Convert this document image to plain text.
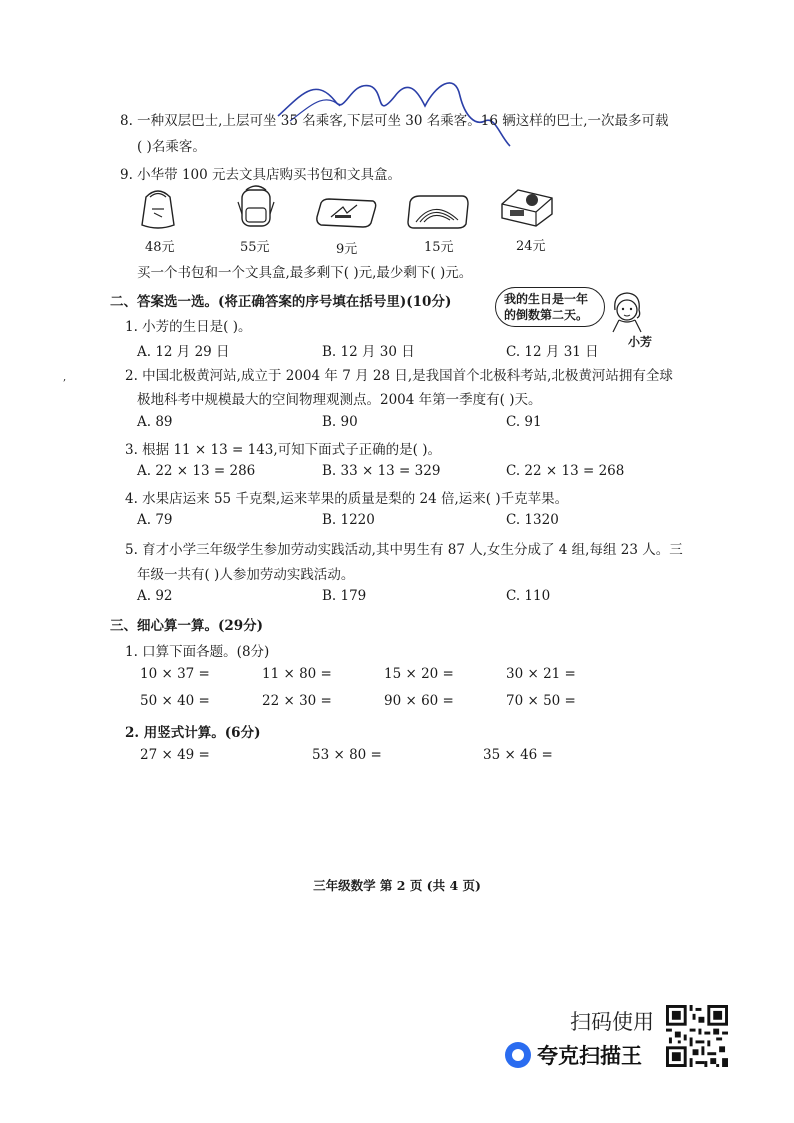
8. 一种双层巴士,上层可坐 35 名乘客,下层可坐 30 名乘客。16 辆这样的巴士,一次最多可载
( )名乘客。
9. 小华带 100 元去文具店购买书包和文具盒。
48元	55元	9元	15元	24元
买一个书包和一个文具盒,最多剩下( )元,最少剩下( )元。
二、答案选一选。(将正确答案的序号填在括号里)(10分)	我的生日是一年的倒数第二天。
小芳
1. 小芳的生日是( )。
A. 12 月 29 日	B. 12 月 30 日	C. 12 月 31 日
,	2. 中国北极黄河站,成立于 2004 年 7 月 28 日,是我国首个北极科考站,北极黄河站拥有全球
极地科考中规模最大的空间物理观测点。2004 年第一季度有( )天。
A. 89	B. 90	C. 91
3. 根据 11 × 13 = 143,可知下面式子正确的是( )。
A. 22 × 13 = 286	B. 33 × 13 = 329	C. 22 × 13 = 268
4. 水果店运来 55 千克梨,运来苹果的质量是梨的 24 倍,运来( )千克苹果。
A. 79	B. 1220	C. 1320
5. 育才小学三年级学生参加劳动实践活动,其中男生有 87 人,女生分成了 4 组,每组 23 人。三
年级一共有( )人参加劳动实践活动。
A. 92	B. 179	C. 110
三、细心算一算。(29分)
1. 口算下面各题。(8分)
10 × 37 =	11 × 80 =	15 × 20 =	30 × 21 =
50 × 40 =	22 × 30 =	90 × 60 =	70 × 50 =
2. 用竖式计算。(6分)
27 × 49 =	53 × 80 =	35 × 46 =
三年级数学 第 2 页 (共 4 页)
扫码使用
夸克扫描王
